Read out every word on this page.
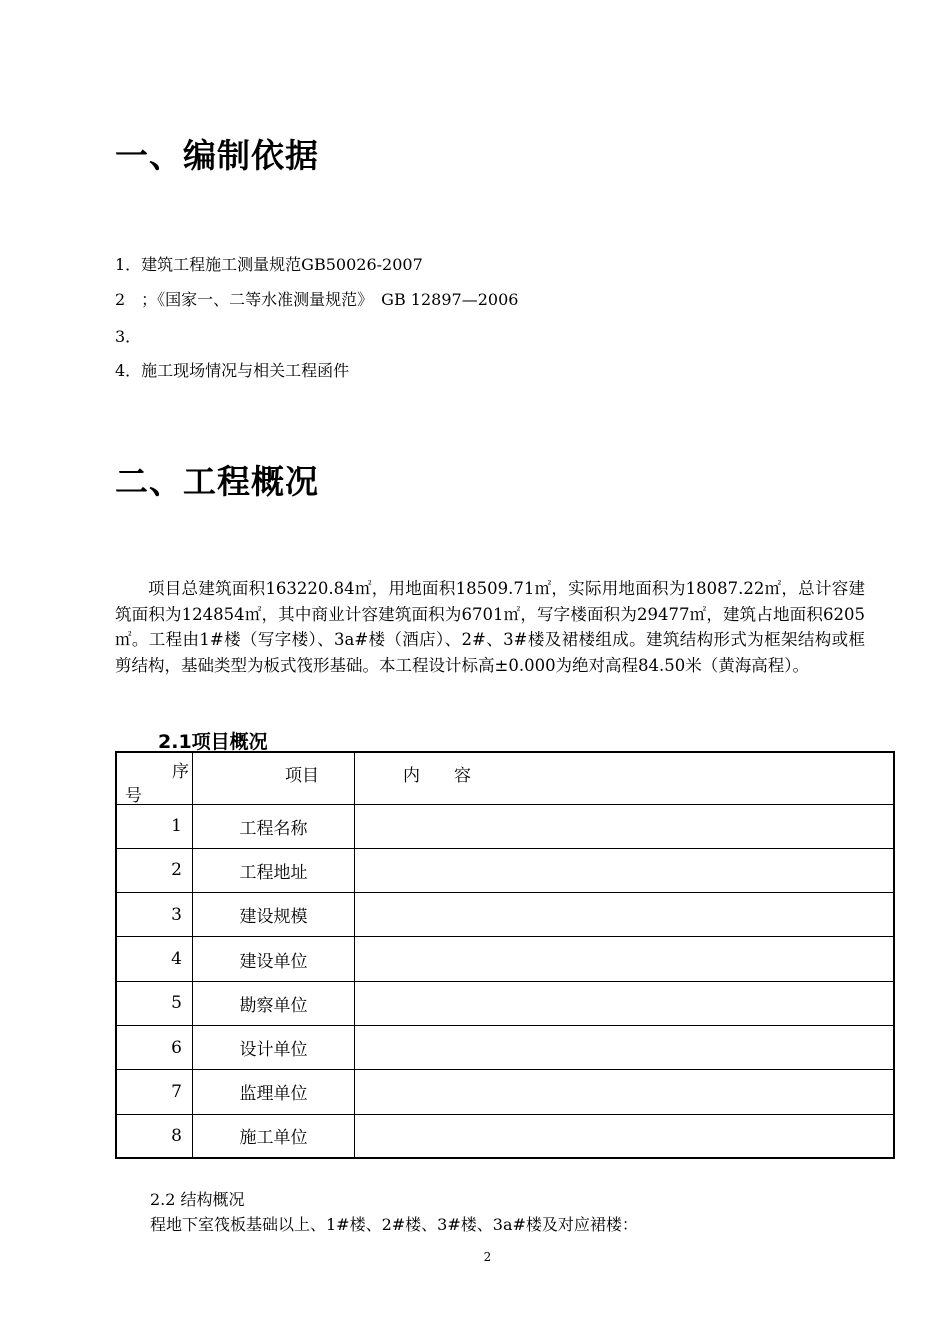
一、编制依据
1．建筑工程施工测量规范GB50026-2007
2　；《国家一、二等水准测量规范》　GB 12897—2006
3．
4．施工现场情况与相关工程函件
二、工程概况
项目总建筑面积163220.84㎡，用地面积18509.71㎡，实际用地面积为18087.22㎡，总计容建筑面积为124854㎡，其中商业计容建筑面积为6701㎡，写字楼面积为29477㎡，建筑占地面积6205㎡。工程由1#楼（写字楼）、3a#楼（酒店）、2#、3#楼及裙楼组成。建筑结构形式为框架结构或框剪结构，基础类型为板式筏形基础。本工程设计标高±0.000为绝对高程84.50米（黄海高程）。
2.1项目概况
序
号	项目	内　　容

1	工程名称	
2	工程地址	
3	建设规模	
4	建设单位	
5	勘察单位	
6	设计单位	
7	监理单位	
8	施工单位	
2.2 结构概况
程地下室筏板基础以上、1#楼、2#楼、3#楼、3a#楼及对应裙楼：
2
